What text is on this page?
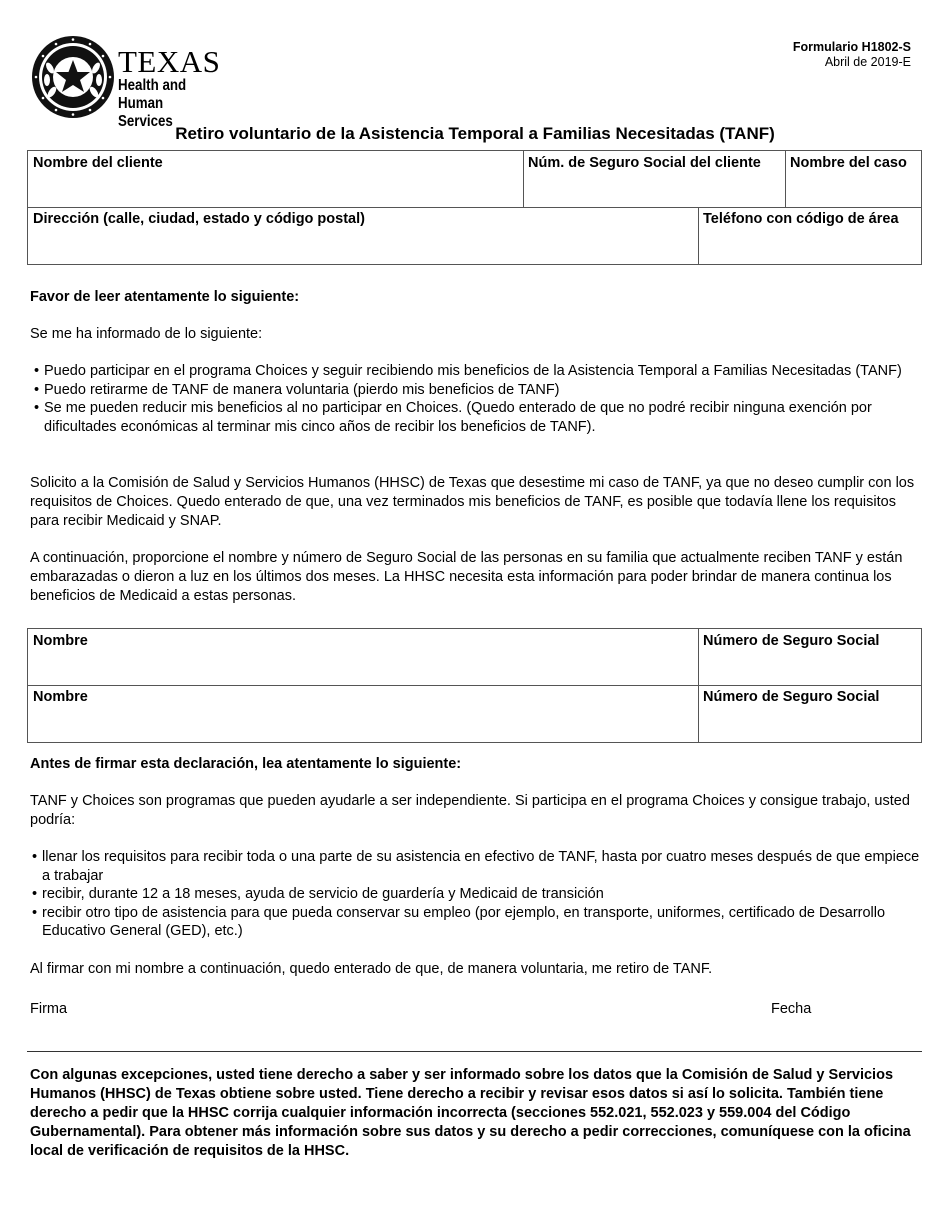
TEXAS
Health and Human
Services
Formulario H1802-S
Abril de 2019-E
Retiro voluntario de la Asistencia Temporal a Familias Necesitadas (TANF)
Nombre del cliente	Núm. de Seguro Social del cliente	Nombre del caso
Dirección (calle, ciudad, estado y código postal)	Teléfono con código de área

Favor de leer atentamente lo siguiente:

Se me ha informado de lo siguiente:

• Puedo participar en el programa Choices y seguir recibiendo mis beneficios de la Asistencia Temporal a Familias Necesitadas (TANF)
• Puedo retirarme de TANF de manera voluntaria (pierdo mis beneficios de TANF)
• Se me pueden reducir mis beneficios al no participar en Choices. (Quedo enterado de que no podré recibir ninguna exención por dificultades económicas al terminar mis cinco años de recibir los beneficios de TANF).

Solicito a la Comisión de Salud y Servicios Humanos (HHSC) de Texas que desestime mi caso de TANF, ya que no deseo cumplir con los requisitos de Choices. Quedo enterado de que, una vez terminados mis beneficios de TANF, es posible que todavía llene los requisitos para recibir Medicaid y SNAP.

A continuación, proporcione el nombre y número de Seguro Social de las personas en su familia que actualmente reciben TANF y están embarazadas o dieron a luz en los últimos dos meses. La HHSC necesita esta información para poder brindar de manera continua los beneficios de Medicaid a estas personas.

Nombre	Número de Seguro Social
Nombre	Número de Seguro Social

Antes de firmar esta declaración, lea atentamente lo siguiente:

TANF y Choices son programas que pueden ayudarle a ser independiente. Si participa en el programa Choices y consigue trabajo, usted podría:

• llenar los requisitos para recibir toda o una parte de su asistencia en efectivo de TANF, hasta por cuatro meses después de que empiece a trabajar
• recibir, durante 12 a 18 meses, ayuda de servicio de guardería y Medicaid de transición
• recibir otro tipo de asistencia para que pueda conservar su empleo (por ejemplo, en transporte, uniformes, certificado de Desarrollo Educativo General (GED), etc.)

Al firmar con mi nombre a continuación, quedo enterado de que, de manera voluntaria, me retiro de TANF.

Firma	Fecha

Con algunas excepciones, usted tiene derecho a saber y ser informado sobre los datos que la Comisión de Salud y Servicios Humanos (HHSC) de Texas obtiene sobre usted. Tiene derecho a recibir y revisar esos datos si así lo solicita. También tiene derecho a pedir que la HHSC corrija cualquier información incorrecta (secciones 552.021, 552.023 y 559.004 del Código Gubernamental). Para obtener más información sobre sus datos y su derecho a pedir correcciones, comuníquese con la oficina local de verificación de requisitos de la HHSC.
